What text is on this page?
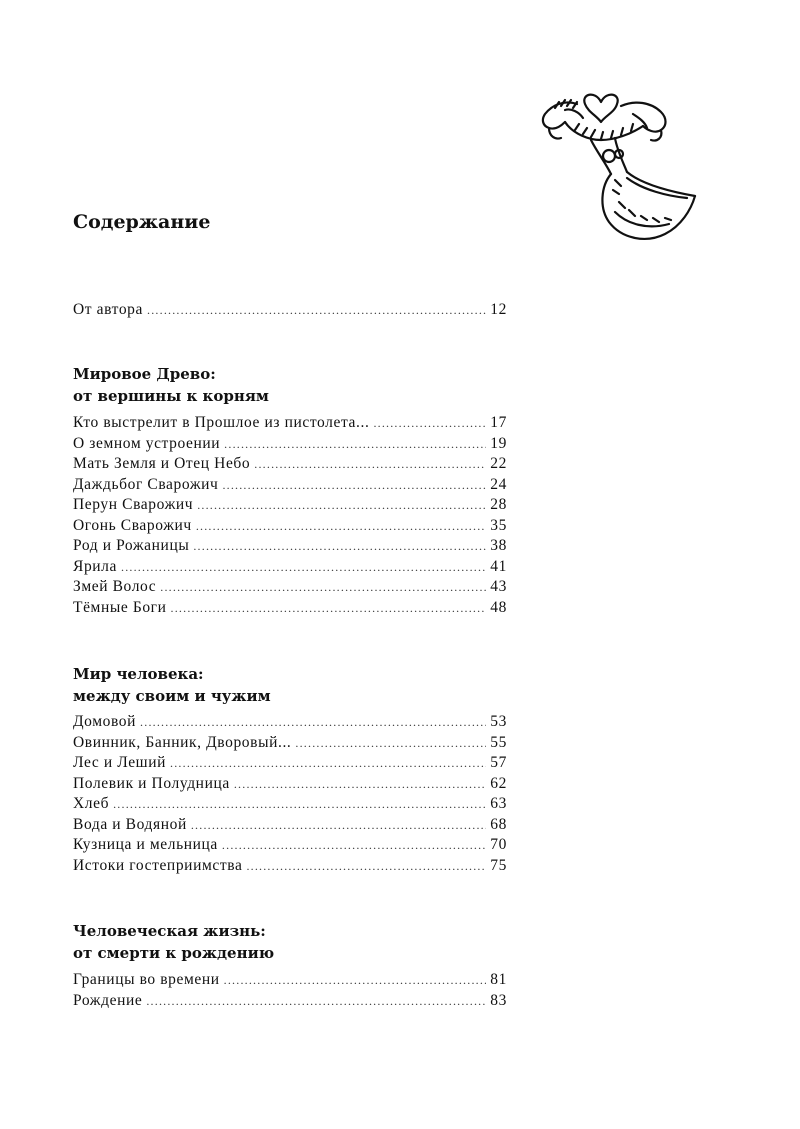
Содержание
От автора .....	12
Мировое Древо:
от вершины к корням
Кто выстрелит в Прошлое из пистолета... .....	17
О земном устроении .....	19
Мать Земля и Отец Небо .....	22
Даждьбог Сварожич .....	24
Перун Сварожич .....	28
Огонь Сварожич .....	35
Род и Рожаницы .....	38
Ярила .....	41
Змей Волос .....	43
Тёмные Боги .....	48
Мир человека:
между своим и чужим
Домовой .....	53
Овинник, Банник, Дворовый... .....	55
Лес и Леший .....	57
Полевик и Полудница .....	62
Хлеб .....	63
Вода и Водяной .....	68
Кузница и мельница .....	70
Истоки гостеприимства .....	75
Человеческая жизнь:
от смерти к рождению
Границы во времени .....	81
Рождение .....	83
